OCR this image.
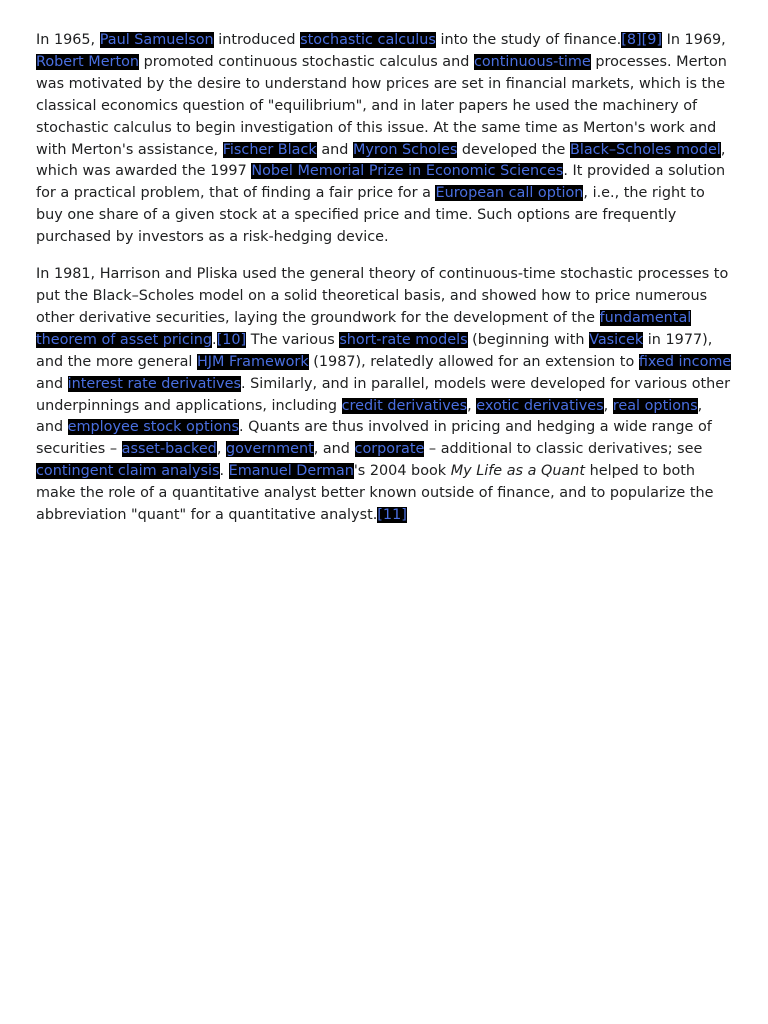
In 1965, Paul Samuelson introduced stochastic calculus into the study of finance.[8][9] In 1969, Robert Merton promoted continuous stochastic calculus and continuous-time processes. Merton was motivated by the desire to understand how prices are set in financial markets, which is the classical economics question of "equilibrium", and in later papers he used the machinery of stochastic calculus to begin investigation of this issue. At the same time as Merton's work and with Merton's assistance, Fischer Black and Myron Scholes developed the Black–Scholes model, which was awarded the 1997 Nobel Memorial Prize in Economic Sciences. It provided a solution for a practical problem, that of finding a fair price for a European call option, i.e., the right to buy one share of a given stock at a specified price and time. Such options are frequently purchased by investors as a risk-hedging device.

In 1981, Harrison and Pliska used the general theory of continuous-time stochastic processes to put the Black–Scholes model on a solid theoretical basis, and showed how to price numerous other derivative securities, laying the groundwork for the development of the fundamental theorem of asset pricing.[10] The various short-rate models (beginning with Vasicek in 1977), and the more general HJM Framework (1987), relatedly allowed for an extension to fixed income and interest rate derivatives. Similarly, and in parallel, models were developed for various other underpinnings and applications, including credit derivatives, exotic derivatives, real options, and employee stock options. Quants are thus involved in pricing and hedging a wide range of securities – asset-backed, government, and corporate – additional to classic derivatives; see contingent claim analysis. Emanuel Derman's 2004 book My Life as a Quant helped to both make the role of a quantitative analyst better known outside of finance, and to popularize the abbreviation "quant" for a quantitative analyst.[11]
